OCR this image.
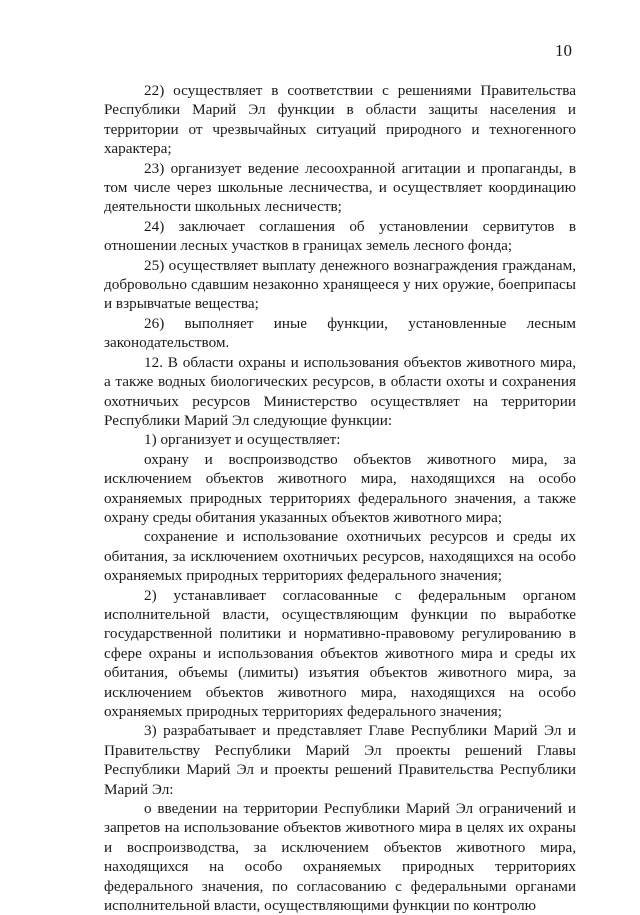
10

22) осуществляет в соответствии с решениями Правительства Республики Марий Эл функции в области защиты населения и территории от чрезвычайных ситуаций природного и техногенного характера;

23) организует ведение лесоохранной агитации и пропаганды, в том числе через школьные лесничества, и осуществляет координацию деятельности школьных лесничеств;

24) заключает соглашения об установлении сервитутов в отношении лесных участков в границах земель лесного фонда;

25) осуществляет выплату денежного вознаграждения гражданам, добровольно сдавшим незаконно хранящееся у них оружие, боеприпасы и взрывчатые вещества;

26) выполняет иные функции, установленные лесным законодательством.

12. В области охраны и использования объектов животного мира, а также водных биологических ресурсов, в области охоты и сохранения охотничьих ресурсов Министерство осуществляет на территории Республики Марий Эл следующие функции:

1) организует и осуществляет:

охрану и воспроизводство объектов животного мира, за исключением объектов животного мира, находящихся на особо охраняемых природных территориях федерального значения, а также охрану среды обитания указанных объектов животного мира;

сохранение и использование охотничьих ресурсов и среды их обитания, за исключением охотничьих ресурсов, находящихся на особо охраняемых природных территориях федерального значения;

2) устанавливает согласованные с федеральным органом исполнительной власти, осуществляющим функции по выработке государственной политики и нормативно-правовому регулированию в сфере охраны и использования объектов животного мира и среды их обитания, объемы (лимиты) изъятия объектов животного мира, за исключением объектов животного мира, находящихся на особо охраняемых природных территориях федерального значения;

3) разрабатывает и представляет Главе Республики Марий Эл и Правительству Республики Марий Эл проекты решений Главы Республики Марий Эл и проекты решений Правительства Республики Марий Эл:

о введении на территории Республики Марий Эл ограничений и запретов на использование объектов животного мира в целях их охраны и воспроизводства, за исключением объектов животного мира, находящихся на особо охраняемых природных территориях федерального значения, по согласованию с федеральными органами исполнительной власти, осуществляющими функции по контролю
